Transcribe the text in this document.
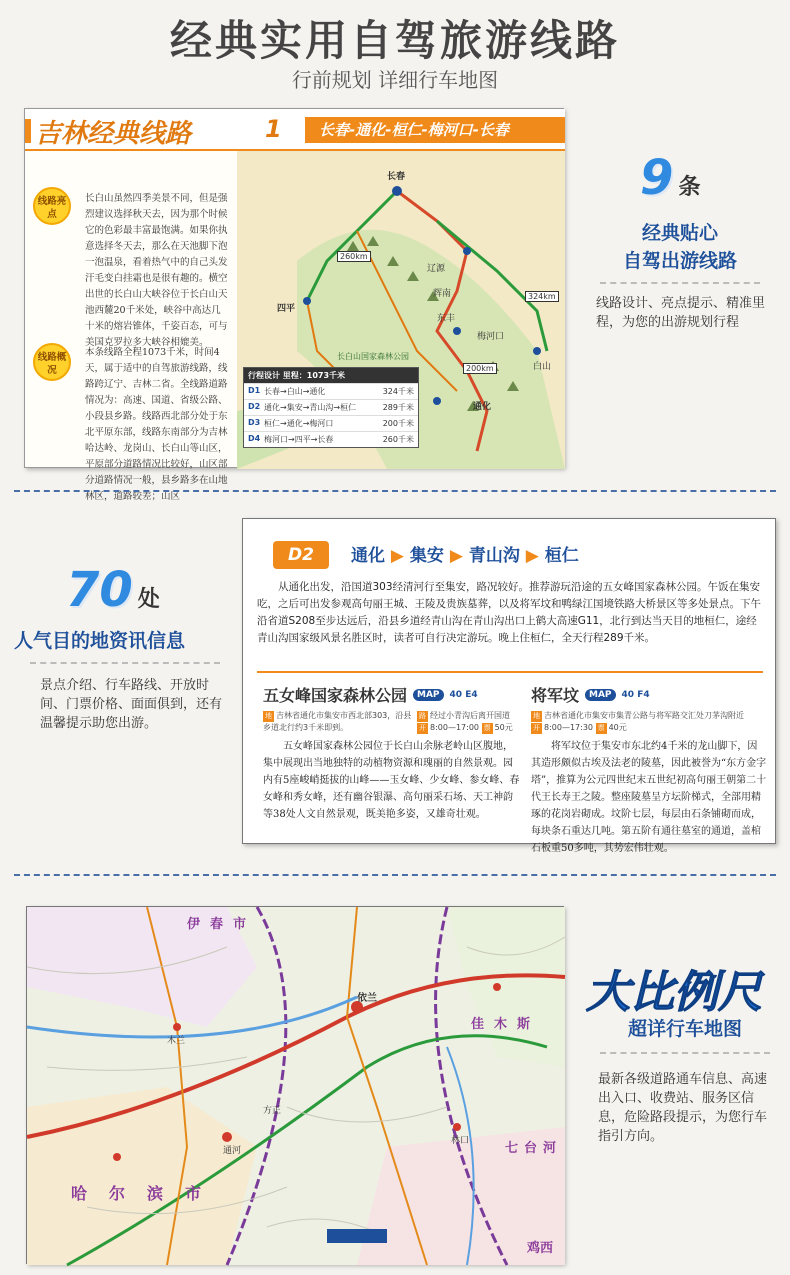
经典实用自驾旅游线路
行前规划 详细行车地图
吉林经典线路	1	长春-通化-桓仁-梅河口-长春
线路亮点
长白山虽然四季美景不同，但是强烈建议选择秋天去，因为那个时候它的色彩最丰富最饱满。如果你执意选择冬天去，那么在天池脚下泡一泡温泉，看着热气中的自己头发汗毛变白挂霜也是很有趣的。横空出世的长白山大峡谷位于长白山天池西麓20千米处，峡谷中高达几十米的熔岩锥体，千姿百态，可与美国克罗拉多大峡谷相媲美。
线路概况
本条线路全程1073千米，时间4天，属于适中的自驾旅游线路，线路跨辽宁、吉林二省。全线路道路情况为：高速、国道、省级公路、小段县乡路。线路西北部分处于东北平原东部，线路东南部分为吉林哈达岭、龙岗山、长白山等山区，平原部分道路情况比较好，山区部分道路情况一般，县乡路多在山地林区，道路较差；山区
长春
四平
辽源
梅河口
东丰
辉南
通化
白山
长白山国家森林公园
324km
200km
260km
行程设计 里程：1073千米
D1 长春→白山→通化	324千米
D2 通化→集安→青山沟→桓仁	289千米
D3 桓仁→通化→梅河口	200千米
D4 梅河口→四平→长春	260千米
9 条
经典贴心
自驾出游线路
线路设计、亮点提示、精准里程，为您的出游规划行程
70 处
人气目的地资讯信息
景点介绍、行车路线、开放时间、门票价格、面面俱到，还有温馨提示助您出游。
D2	通化 ▶ 集安 ▶ 青山沟 ▶ 桓仁
从通化出发，沿国道303经清河行至集安，路况较好。推荐游玩沿途的五女峰国家森林公园。午饭在集安吃，之后可出发参观高句丽王城、王陵及贵族墓葬，以及将军坟和鸭绿江国境铁路大桥景区等多处景点。下午沿省道S208至步达远后，沿县乡道经青山沟在青山沟出口上鹤大高速G11，北行到达当天目的地桓仁，途经青山沟国家级风景名胜区时，读者可自行决定游玩。晚上住桓仁，全天行程289千米。
五女峰国家森林公园	MAP	40 E4
地 吉林省通化市集安市西北部303，沿县乡道北行约3千米即到。
路 经过小青沟后离开国道
开 8:00—17:00 票 50元
五女峰国家森林公园位于长白山余脉老岭山区腹地，集中展现出当地独特的动植物资源和瑰丽的自然景观。园内有5座峻峭挺拔的山峰——玉女峰、少女峰、参女峰、春女峰和秀女峰，还有幽谷银瀑、高句丽采石场、天工神韵等38处人文自然景观，既美艳多姿，又雄奇壮观。
将军坟	MAP	40 F4
地 吉林省通化市集安市集青公路与将军路交汇处刀茅沟附近
开 8:00—17:30 票 40元
将军坟位于集安市东北约4千米的龙山脚下，因其造形颇似古埃及法老的陵墓，因此被誉为“东方金字塔”，推算为公元四世纪末五世纪初高句丽王朝第二十代王长寿王之陵。整座陵墓呈方坛阶梯式，全部用精琢的花岗岩砌成。坟阶七层，每层由石条铺砌而成，每块条石重达几吨。第五阶有通往墓室的通道，盖棺石板重50多吨，其势宏伟壮观。
伊春市
哈尔滨市
佳木斯
七台河
鸡西
通河
木兰
方正
依兰
林口
大比例尺
超详行车地图
最新各级道路通车信息、高速出入口、收费站、服务区信息，危险路段提示，为您行车指引方向。
